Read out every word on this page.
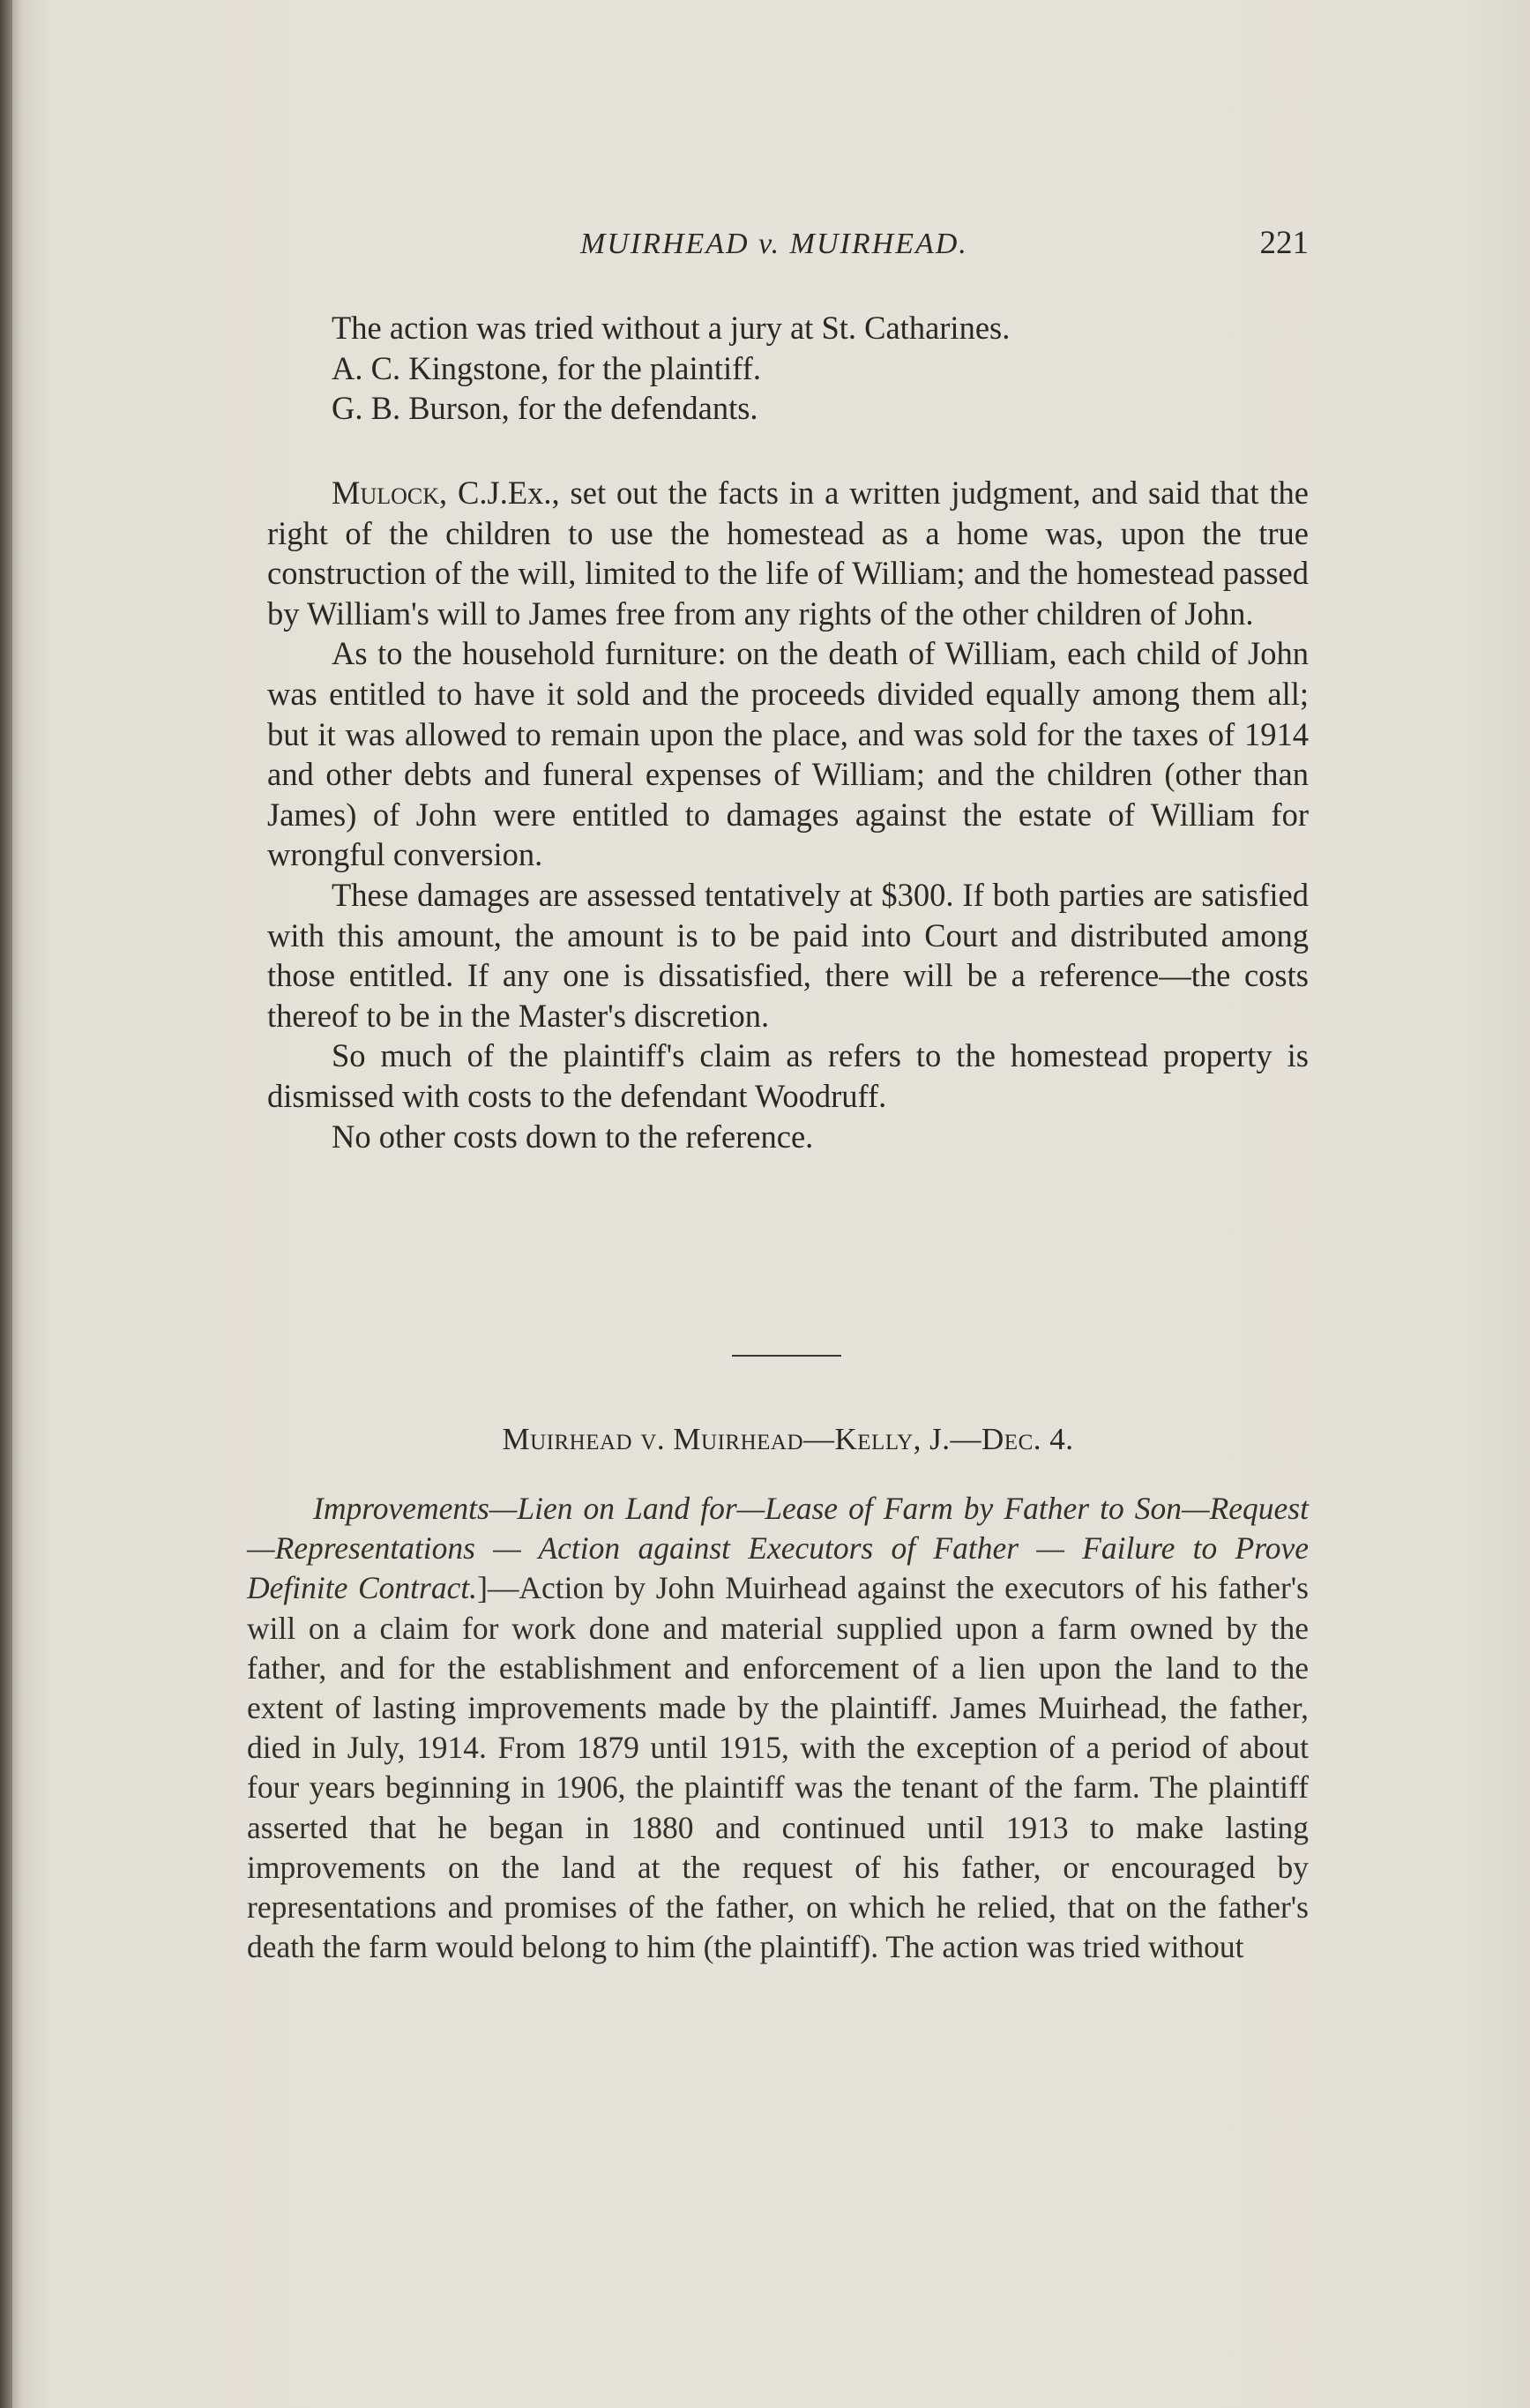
MUIRHEAD v. MUIRHEAD.	221
The action was tried without a jury at St. Catharines.
A. C. Kingstone, for the plaintiff.
G. B. Burson, for the defendants.

Mulock, C.J.Ex., set out the facts in a written judgment, and said that the right of the children to use the homestead as a home was, upon the true construction of the will, limited to the life of William; and the homestead passed by William's will to James free from any rights of the other children of John.

As to the household furniture: on the death of William, each child of John was entitled to have it sold and the proceeds divided equally among them all; but it was allowed to remain upon the place, and was sold for the taxes of 1914 and other debts and funeral expenses of William; and the children (other than James) of John were entitled to damages against the estate of William for wrongful conversion.

These damages are assessed tentatively at $300. If both parties are satisfied with this amount, the amount is to be paid into Court and distributed among those entitled. If any one is dissatisfied, there will be a reference—the costs thereof to be in the Master's discretion.

So much of the plaintiff's claim as refers to the homestead property is dismissed with costs to the defendant Woodruff.

No other costs down to the reference.

Muirhead v. Muirhead—Kelly, J.—Dec. 4.

Improvements—Lien on Land for—Lease of Farm by Father to Son—Request—Representations — Action against Executors of Father — Failure to Prove Definite Contract.]—Action by John Muirhead against the executors of his father's will on a claim for work done and material supplied upon a farm owned by the father, and for the establishment and enforcement of a lien upon the land to the extent of lasting improvements made by the plaintiff. James Muirhead, the father, died in July, 1914. From 1879 until 1915, with the exception of a period of about four years beginning in 1906, the plaintiff was the tenant of the farm. The plaintiff asserted that he began in 1880 and continued until 1913 to make lasting improvements on the land at the request of his father, or encouraged by representations and promises of the father, on which he relied, that on the father's death the farm would belong to him (the plaintiff). The action was tried without
